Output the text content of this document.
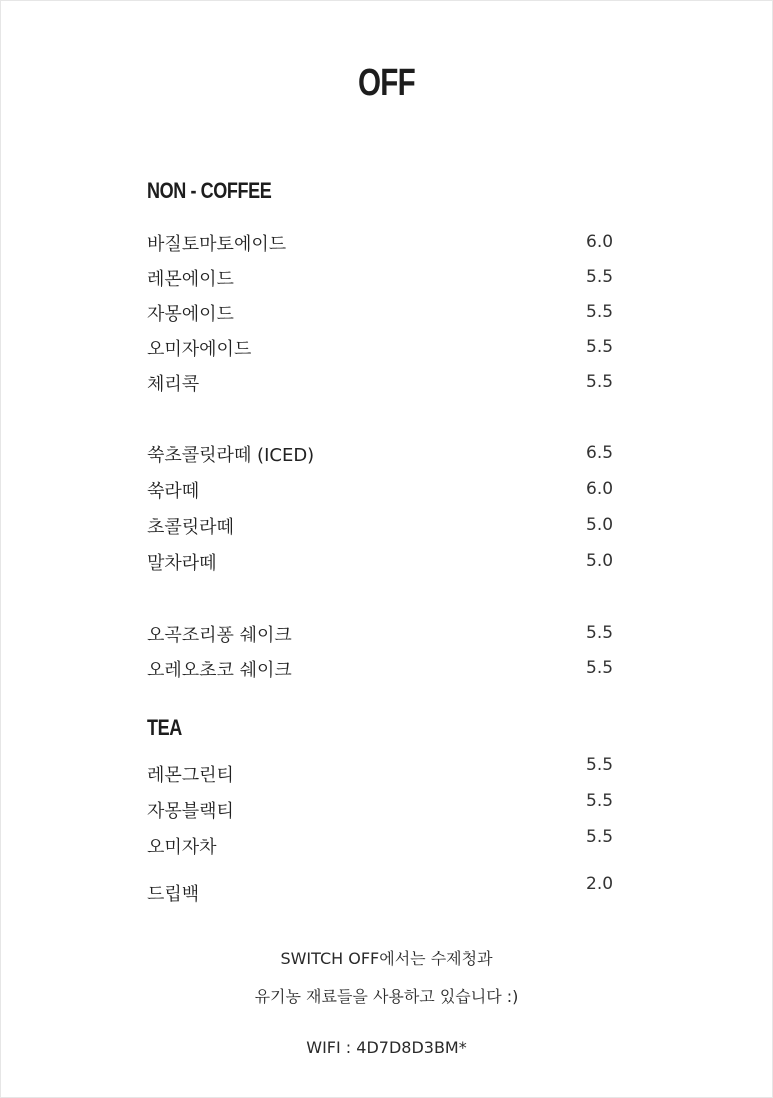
OFF
NON - COFFEE
바질토마토에이드	6.0
레몬에이드	5.5
자몽에이드	5.5
오미자에이드	5.5
체리콕	5.5
쑥초콜릿라떼 (ICED)	6.5
쑥라떼	6.0
초콜릿라떼	5.0
말차라떼	5.0
오곡조리퐁 쉐이크	5.5
오레오초코 쉐이크	5.5
TEA
레몬그린티	5.5
자몽블랙티	5.5
오미자차	5.5
드립백	2.0
SWITCH OFF에서는 수제청과
유기농 재료들을 사용하고 있습니다 :)
WIFI : 4D7D8D3BM*
